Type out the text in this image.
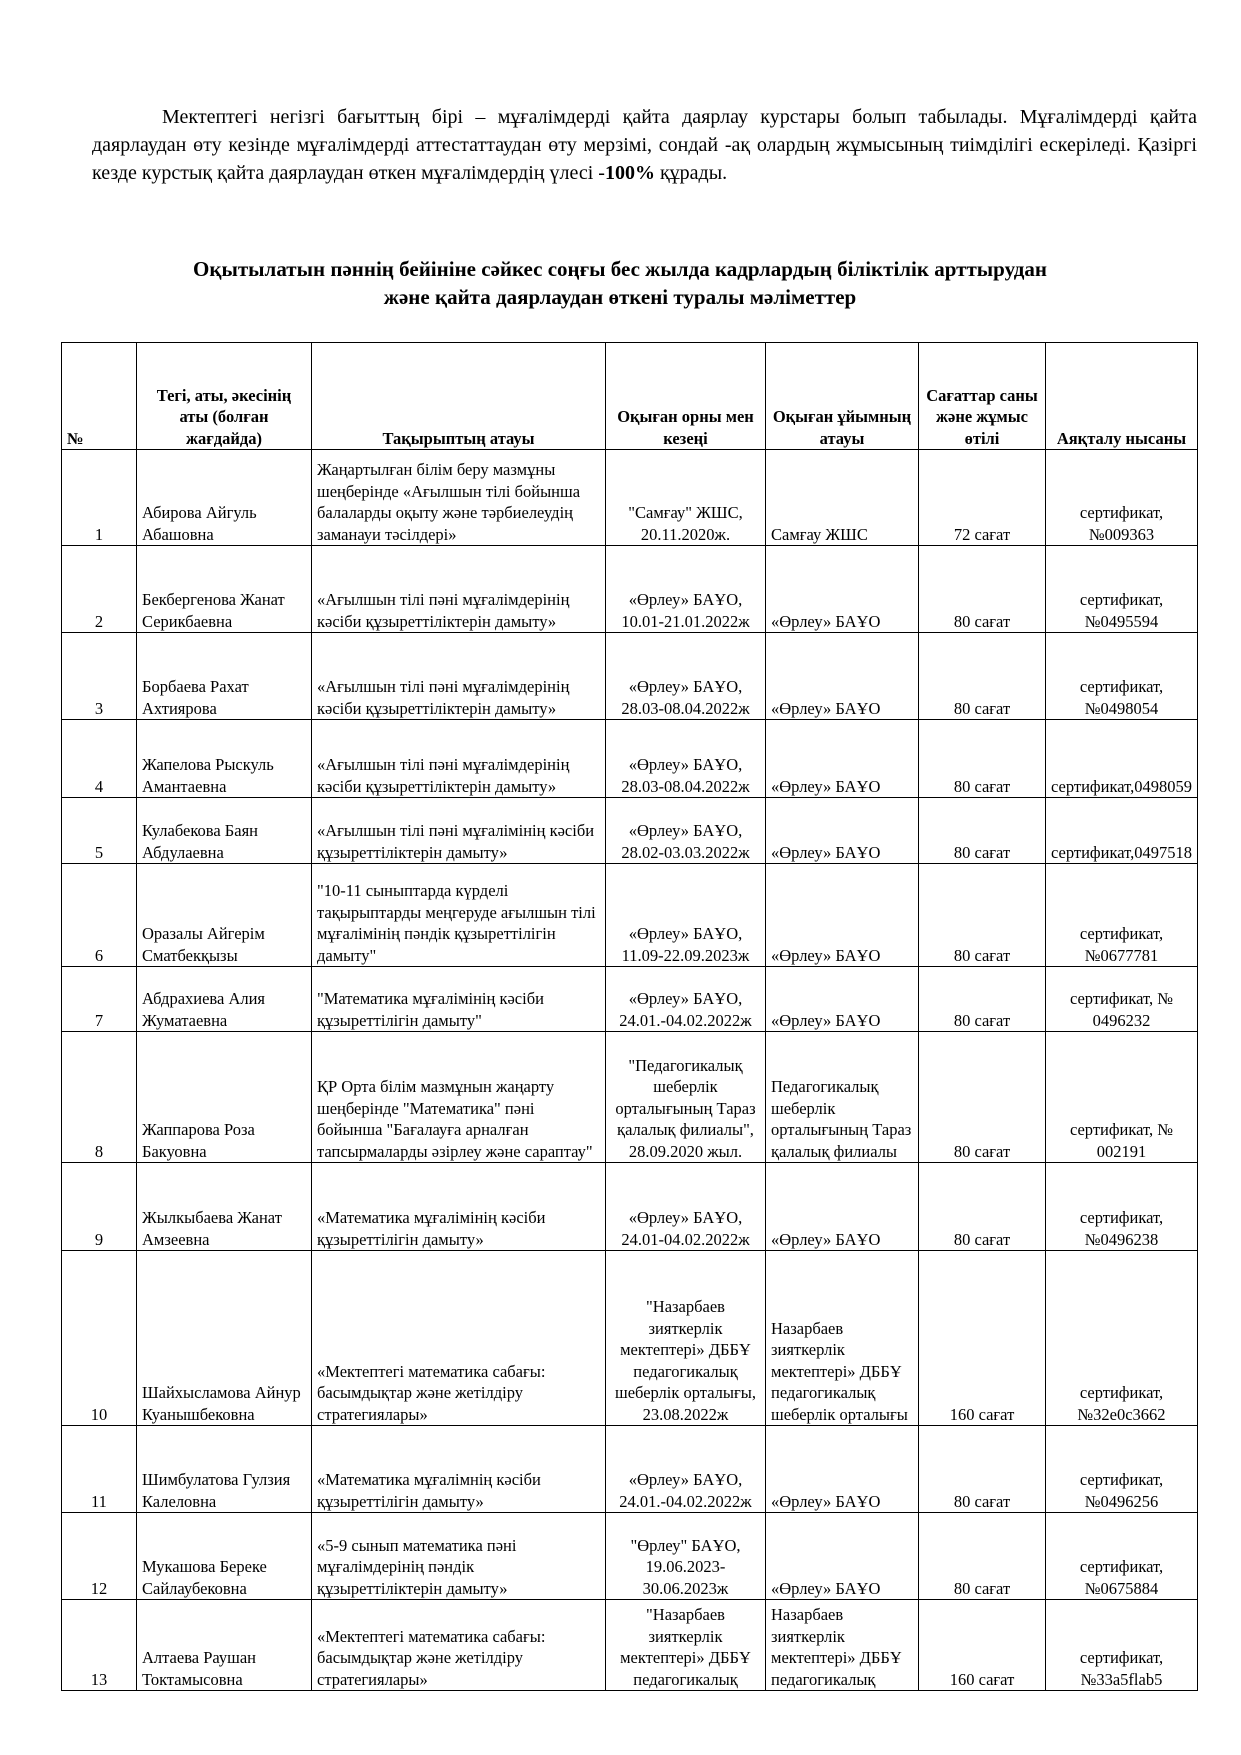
Мектептегі негізгі бағыттың бірі – мұғалімдерді қайта даярлау курстары болып табылады. Мұғалімдерді қайта даярлаудан өту кезінде мұғалімдерді аттестаттаудан өту мерзімі, сондай -ақ олардың жұмысының тиімділігі ескеріледі. Қазіргі кезде курстық қайта даярлаудан өткен мұғалімдердің үлесі -100% құрады.

Оқытылатын пәннің бейініне сәйкес соңғы бес жылда кадрлардың біліктілік арттырудан
және қайта даярлаудан өткені туралы мәліметтер
№	Тегі, аты, әкесінің аты (болған жағдайда)	Тақырыптың атауы	Оқыған орны мен кезеңі	Оқыған ұйымның атауы	Сағаттар саны және жұмыс өтілі	Аяқталу нысаны
1	Абирова Айгуль Абашовна	Жаңартылған білім беру мазмұны шеңберінде «Ағылшын тілі бойынша балаларды оқыту және тәрбиелеудің заманауи тәсілдері»	"Самғау" ЖШС, 20.11.2020ж.	Самғау ЖШС	72 сағат	сертификат, №009363
2	Бекбергенова Жанат Серикбаевна	«Ағылшын тілі пәні мұғалімдерінің кәсіби құзыреттіліктерін дамыту»	«Өрлеу» БАҰО, 10.01-21.01.2022ж	«Өрлеу» БАҰО	80 сағат	сертификат, №0495594
3	Борбаева Рахат Ахтиярова	«Ағылшын тілі пәні мұғалімдерінің кәсіби құзыреттіліктерін дамыту»	«Өрлеу» БАҰО, 28.03-08.04.2022ж	«Өрлеу» БАҰО	80 сағат	сертификат, №0498054
4	Жапелова Рыскуль Амантаевна	«Ағылшын тілі пәні мұғалімдерінің кәсіби құзыреттіліктерін дамыту»	«Өрлеу» БАҰО, 28.03-08.04.2022ж	«Өрлеу» БАҰО	80 сағат	сертификат,0498059
5	Кулабекова Баян Абдулаевна	«Ағылшын тілі пәні мұғалімінің кәсіби құзыреттіліктерін дамыту»	«Өрлеу» БАҰО, 28.02-03.03.2022ж	«Өрлеу» БАҰО	80 сағат	сертификат,0497518
6	Оразалы Айгерім Сматбекқызы	"10-11 сыныптарда күрделі тақырыптарды меңгеруде ағылшын тілі мұғалімінің пәндік құзыреттілігін дамыту"	«Өрлеу» БАҰО, 11.09-22.09.2023ж	«Өрлеу» БАҰО	80 сағат	сертификат, №0677781
7	Абдрахиева Алия Жуматаевна	"Математика мұғалімінің кәсіби құзыреттілігін дамыту"	«Өрлеу» БАҰО, 24.01.-04.02.2022ж	«Өрлеу» БАҰО	80 сағат	сертификат, № 0496232
8	Жаппарова Роза Бакуовна	ҚР Орта білім мазмұнын жаңарту шеңберінде "Математика" пәні бойынша "Бағалауға арналған тапсырмаларды әзірлеу және сараптау"	"Педагогикалық шеберлік орталығының Тараз қалалық филиалы", 28.09.2020 жыл.	Педагогикалық шеберлік орталығының Тараз қалалық филиалы	80 сағат	сертификат, № 002191
9	Жылкыбаева Жанат Амзеевна	«Математика мұғалімінің кәсіби құзыреттілігін дамыту»	«Өрлеу» БАҰО, 24.01-04.02.2022ж	«Өрлеу» БАҰО	80 сағат	сертификат, №0496238
10	Шайхысламова Айнур Куанышбековна	«Мектептегі математика сабағы: басымдықтар және жетілдіру стратегиялары»	"Назарбаев зияткерлік мектептері» ДББҰ педагогикалық шеберлік орталығы, 23.08.2022ж	Назарбаев зияткерлік мектептері» ДББҰ педагогикалық шеберлік орталығы	160 сағат	сертификат, №32e0c3662
11	Шимбулатова Гулзия Калеловна	«Математика мұғалімнің кәсіби құзыреттілігін дамыту»	«Өрлеу» БАҰО, 24.01.-04.02.2022ж	«Өрлеу» БАҰО	80 сағат	сертификат, №0496256
12	Мукашова Береке Сайлаубековна	«5-9 сынып математика пәні мұғалімдерінің пәндік құзыреттіліктерін дамыту»	"Өрлеу" БАҰО, 19.06.2023-30.06.2023ж	«Өрлеу» БАҰО	80 сағат	сертификат, №0675884
13	Алтаева Раушан Токтамысовна	«Мектептегі математика сабағы: басымдықтар және жетілдіру стратегиялары»	"Назарбаев зияткерлік мектептері» ДББҰ педагогикалық	Назарбаев зияткерлік мектептері» ДББҰ педагогикалық	160 сағат	сертификат, №33a5flab5
